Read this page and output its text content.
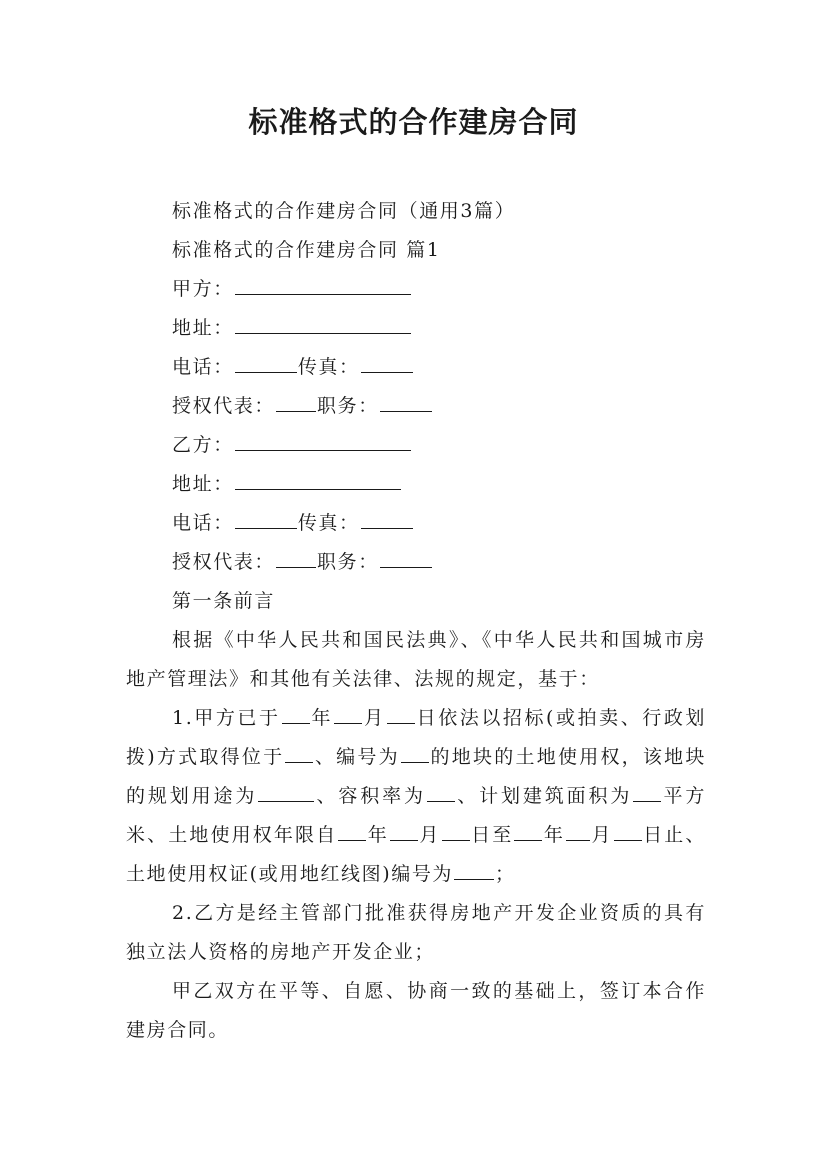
标准格式的合作建房合同
标准格式的合作建房合同（通用3篇）
标准格式的合作建房合同 篇1
甲方：
地址：
电话：	传真：
授权代表： 职务：
乙方：
地址：
电话：	传真：
授权代表： 职务：
第一条前言
根据《中华人民共和国民法典》、《中华人民共和国城市房地产管理法》和其他有关法律、法规的规定，基于：
1.甲方已于 年 月 日依法以招标(或拍卖、行政划拨)方式取得位于 、编号为 的地块的土地使用权，该地块的规划用途为	、容积率为 、计划建筑面积为 平方米、土地使用权年限自 年 月 日至 年 月 日止、土地使用权证(或用地红线图)编号为 ；
2.乙方是经主管部门批准获得房地产开发企业资质的具有独立法人资格的房地产开发企业；
甲乙双方在平等、自愿、协商一致的基础上，签订本合作建房合同。
